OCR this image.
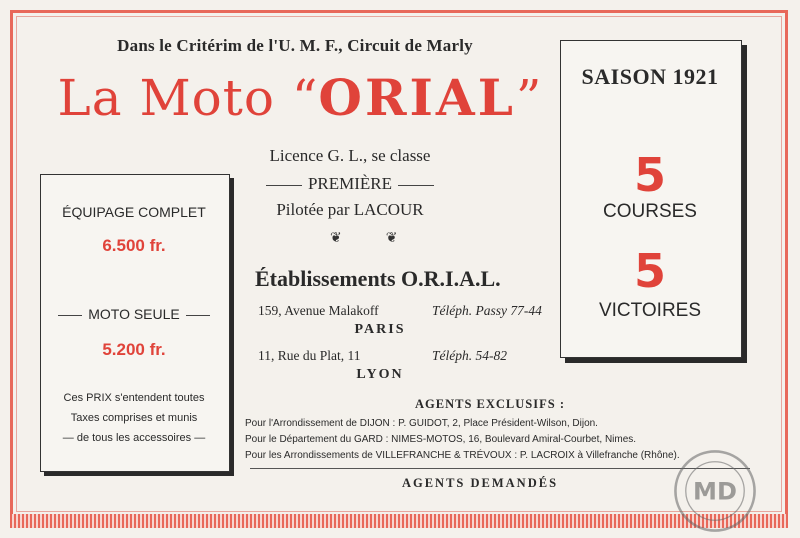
Dans le Critérim de l'U. M. F., Circuit de Marly
La Moto “ORIAL”
Licence G. L., se classe
PREMIÈRE
Pilotée par LACOUR
❦❦
Établissements O.R.I.A.L.
159, Avenue Malakoff	Téléph. Passy 77-44
PARIS
11, Rue du Plat, 11	Téléph. 54-82
LYON
AGENTS EXCLUSIFS :
Pour l'Arrondissement de DIJON : P. GUIDOT, 2, Place Président-Wilson, Dijon.
Pour le Département du GARD : NIMES-MOTOS, 16, Boulevard Amiral-Courbet, Nimes.
Pour les Arrondissements de VILLEFRANCHE & TRÉVOUX : P. LACROIX à Villefranche (Rhône).
AGENTS DEMANDÉS
ÉQUIPAGE COMPLET
6.500 fr.
MOTO SEULE
5.200 fr.
Ces PRIX s'entendent toutes
Taxes comprises et munis
— de tous les accessoires —
SAISON 1921
5
COURSES
5
VICTOIRES
MD
